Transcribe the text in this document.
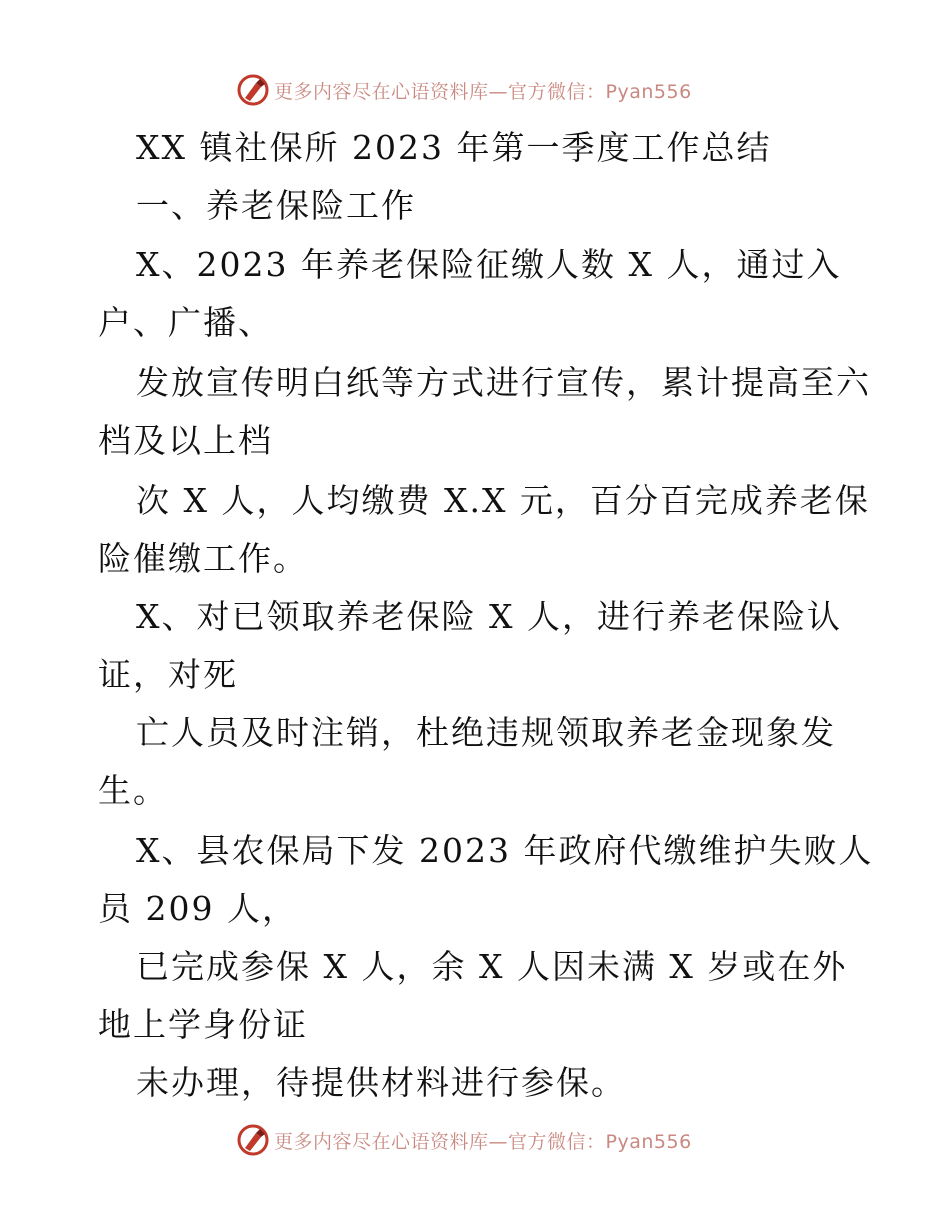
更多内容尽在心语资料库—官方微信：Pyan556
XX 镇社保所 2023 年第一季度工作总结
一、养老保险工作
X、2023 年养老保险征缴人数 X 人，通过入
户、广播、
发放宣传明白纸等方式进行宣传，累计提高至六
档及以上档
次 X 人，人均缴费 X.X 元，百分百完成养老保
险催缴工作。
X、对已领取养老保险 X 人，进行养老保险认
证，对死
亡人员及时注销，杜绝违规领取养老金现象发
生。
X、县农保局下发 2023 年政府代缴维护失败人
员 209 人，
已完成参保 X 人，余 X 人因未满 X 岁或在外
地上学身份证
未办理，待提供材料进行参保。
更多内容尽在心语资料库—官方微信：Pyan556
